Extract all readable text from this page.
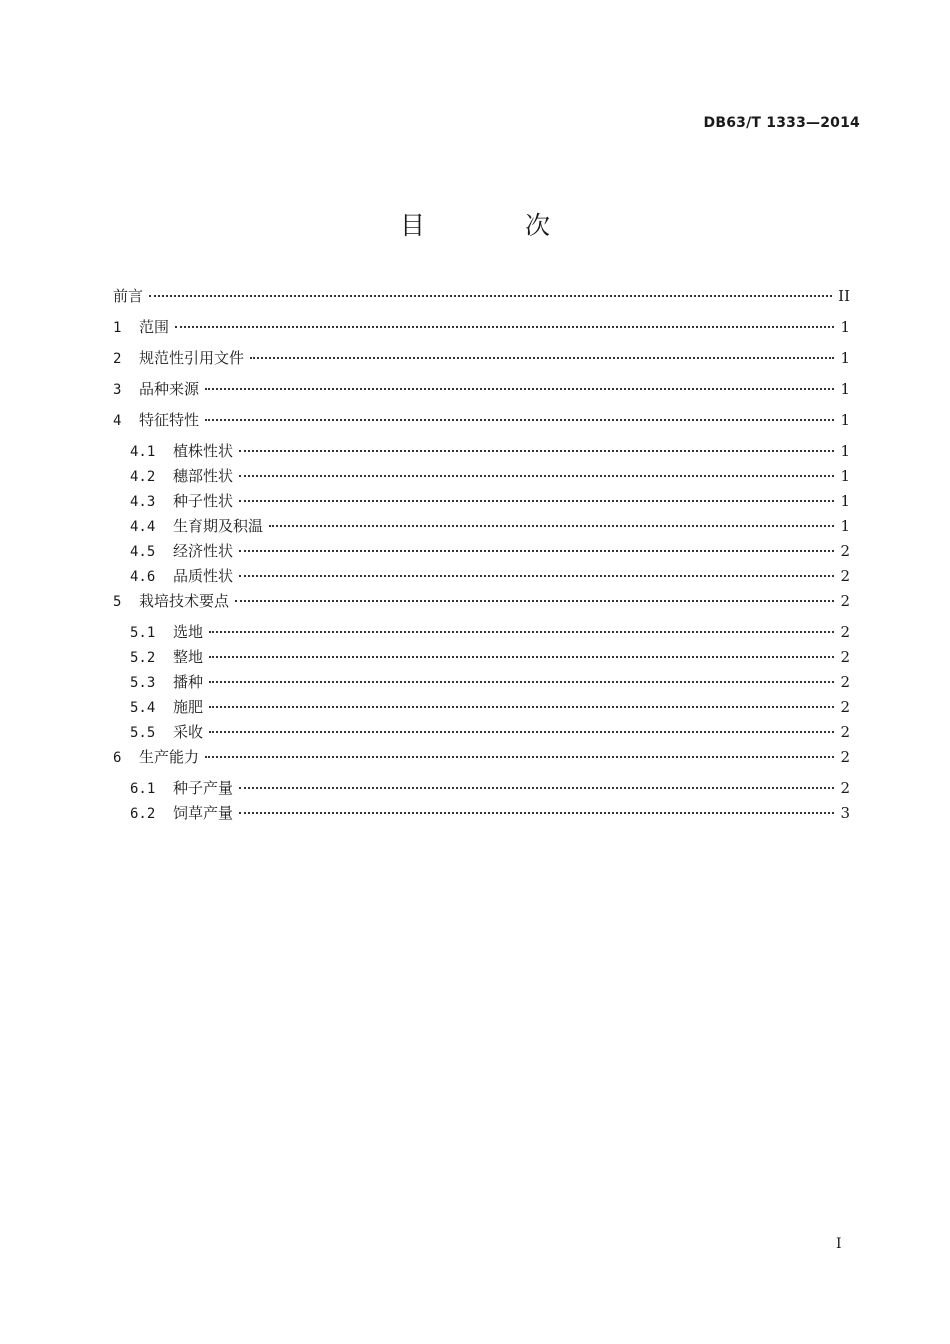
DB63/T 1333—2014
目 次
前言	II
1	范围	1
2	规范性引用文件	1
3	品种来源	1
4	特征特性	1
4.1	植株性状	1
4.2	穗部性状	1
4.3	种子性状	1
4.4	生育期及积温	1
4.5	经济性状	2
4.6	品质性状	2
5	栽培技术要点	2
5.1	选地	2
5.2	整地	2
5.3	播种	2
5.4	施肥	2
5.5	采收	2
6	生产能力	2
6.1	种子产量	2
6.2	饲草产量	3
I
